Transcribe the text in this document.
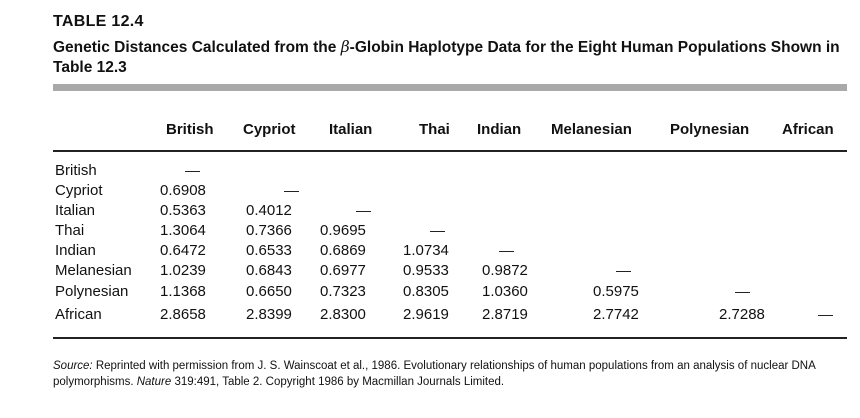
TABLE 12.4
Genetic Distances Calculated from the β-Globin Haplotype Data for the Eight Human Populations Shown in Table 12.3
British Cypriot Italian	Thai Indian Melanesian	Polynesian African
British
Cypriot	0.6908
Italian	0.5363	0.4012
Thai	1.3064	0.7366 0.9695
Indian	0.6472	0.6533 0.6869 1.0734
Melanesian 1.0239	0.6843 0.6977 0.9533 0.9872
Polynesian 1.1368	0.6650 0.7323 0.8305 1.0360	0.5975
African	2.8658	2.8399 2.8300 2.9619 2.8719	2.7742	2.7288
Source: Reprinted with permission from J. S. Wainscoat et al., 1986. Evolutionary relationships of human populations from an analysis of nuclear DNA polymorphisms. Nature 319:491, Table 2. Copyright 1986 by Macmillan Journals Limited.
